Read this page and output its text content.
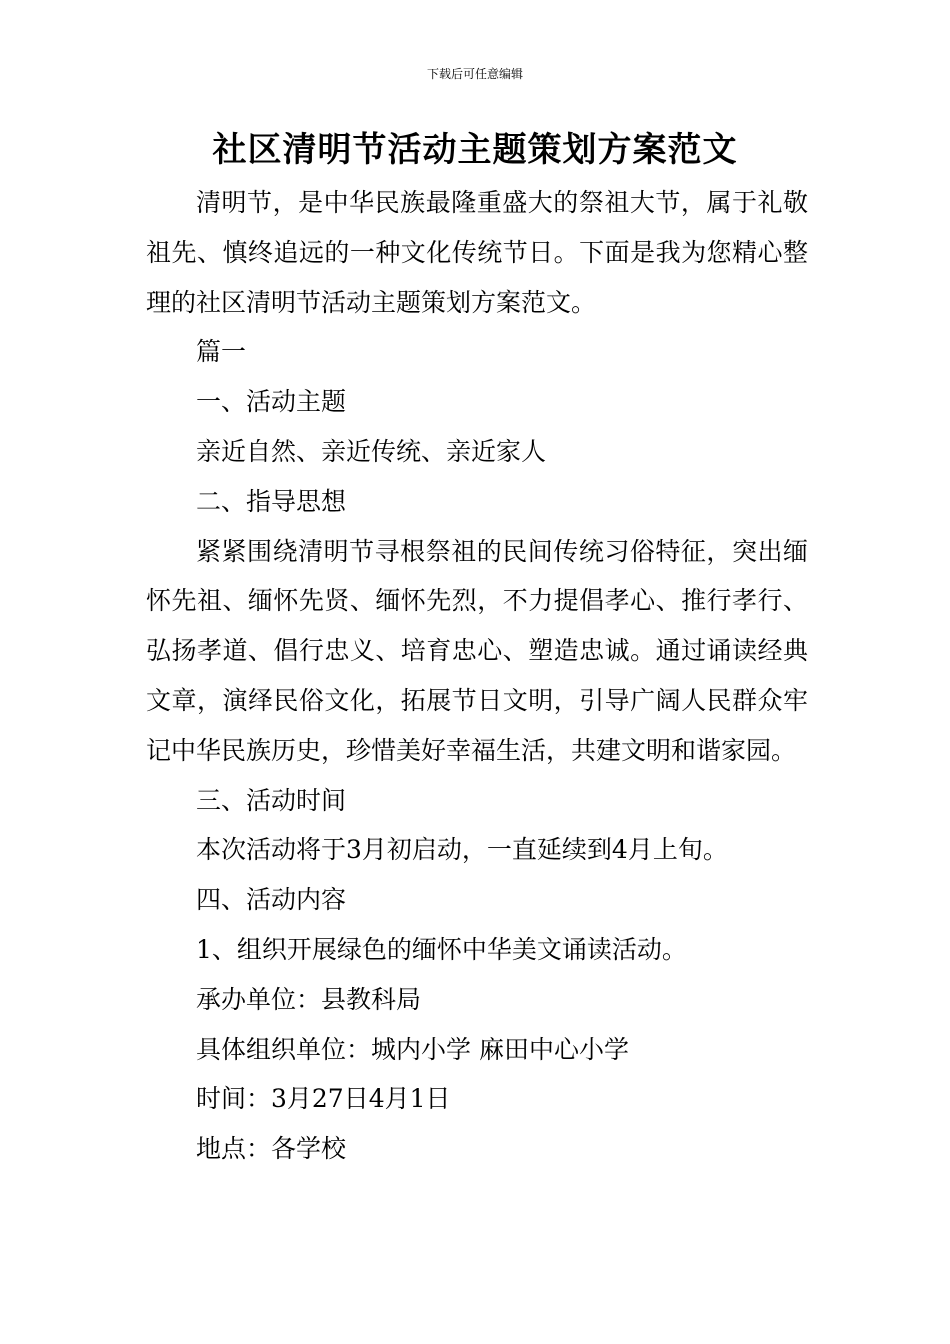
下载后可任意编辑
社区清明节活动主题策划方案范文

清明节，是中华民族最隆重盛大的祭祖大节，属于礼敬祖先、慎终追远的一种文化传统节日。下面是我为您精心整理的社区清明节活动主题策划方案范文。

篇一

一、活动主题

亲近自然、亲近传统、亲近家人

二、指导思想

紧紧围绕清明节寻根祭祖的民间传统习俗特征，突出缅怀先祖、缅怀先贤、缅怀先烈，不力提倡孝心、推行孝行、弘扬孝道、倡行忠义、培育忠心、塑造忠诚。通过诵读经典文章，演绎民俗文化，拓展节日文明，引导广阔人民群众牢记中华民族历史，珍惜美好幸福生活，共建文明和谐家园。

三、活动时间

本次活动将于3月初启动，一直延续到4月上旬。

四、活动内容

1、组织开展绿色的缅怀中华美文诵读活动。

承办单位：县教科局

具体组织单位：城内小学 麻田中心小学

时间：3月27日4月1日

地点：各学校
